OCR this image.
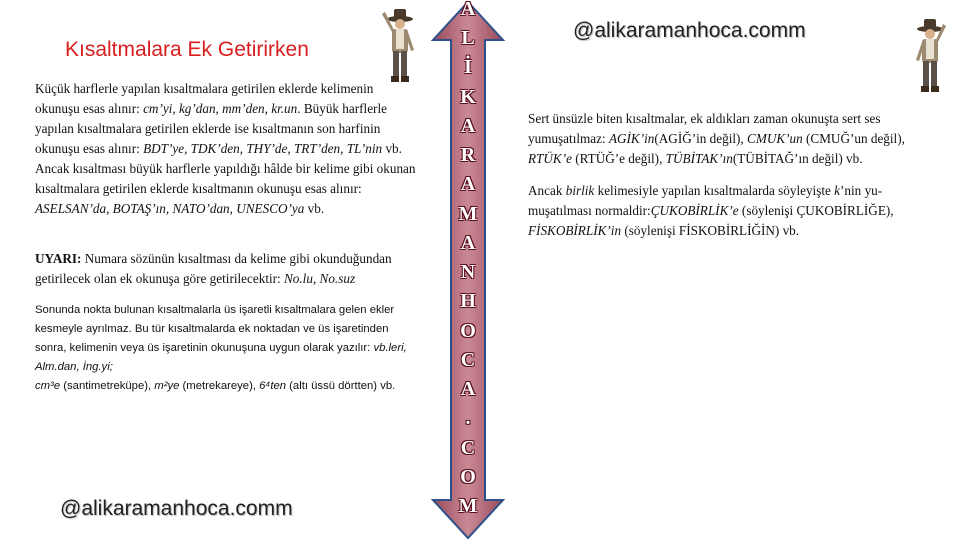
Kısaltmalara Ek Getirirken
@alikaramanhoca.comm
@alikaramanhoca.comm
Küçük harflerle yapılan kısaltmalara getirilen eklerde kelimenin okunuşu esas alınır: cm’yi, kg’dan, mm’den, kr.un. Büyük harflerle yapılan kısaltmalara getirilen eklerde ise kısaltmanın son harfinin okunuşu esas alınır: BDT’ye, TDK’den, THY’de, TRT’den, TL’nin vb. Ancak kısaltması büyük harflerle yapıldığı hâlde bir kelime gibi okunan kısaltmalara getirilen eklerde kısaltmanın okunuşu esas alınır: ASELSAN’da, BOTAŞ’ın, NATO’dan, UNESCO’ya vb.
UYARI: Numara sözünün kısaltması da kelime gibi okunduğundan getirilecek olan ek okunuşa göre getirilecektir: No.lu, No.suz
Sonunda nokta bulunan kısaltmalarla üs işaretli kısaltmalara gelen ekler kesmeyle ayrılmaz. Bu tür kısaltmalarda ek noktadan ve üs işaretinden sonra, kelimenin veya üs işaretinin okunuşuna uygun olarak yazılır: vb.leri, Alm.dan, İng.yi;
cm³e (santimetreküpe), m²ye (metrekareye), 6⁴ten (altı üssü dörtten) vb.
Sert ünsüzle biten kısaltmalar, ek aldıkları zaman okunuşta sert ses yumuşatılmaz: AGİK’in(AGİĞ’in değil), CMUK’un (CMUĞ’un değil), RTÜK’e (RTÜĞ’e değil), TÜBİTAK’ın(TÜBİTAĞ’ın değil) vb.
Ancak birlik kelimesiyle yapılan kısaltmalarda söyleyişte k’nin yu-muşatılması normaldir:ÇUKOBİRLİK’e (söylenişi ÇUKOBİRLİĞE), FİSKOBİRLİK’in (söylenişi FİSKOBİRLİĞİN) vb.
A
L
İ
K
A
R
A
M
A
N
H
O
C
A
.
C
O
M
